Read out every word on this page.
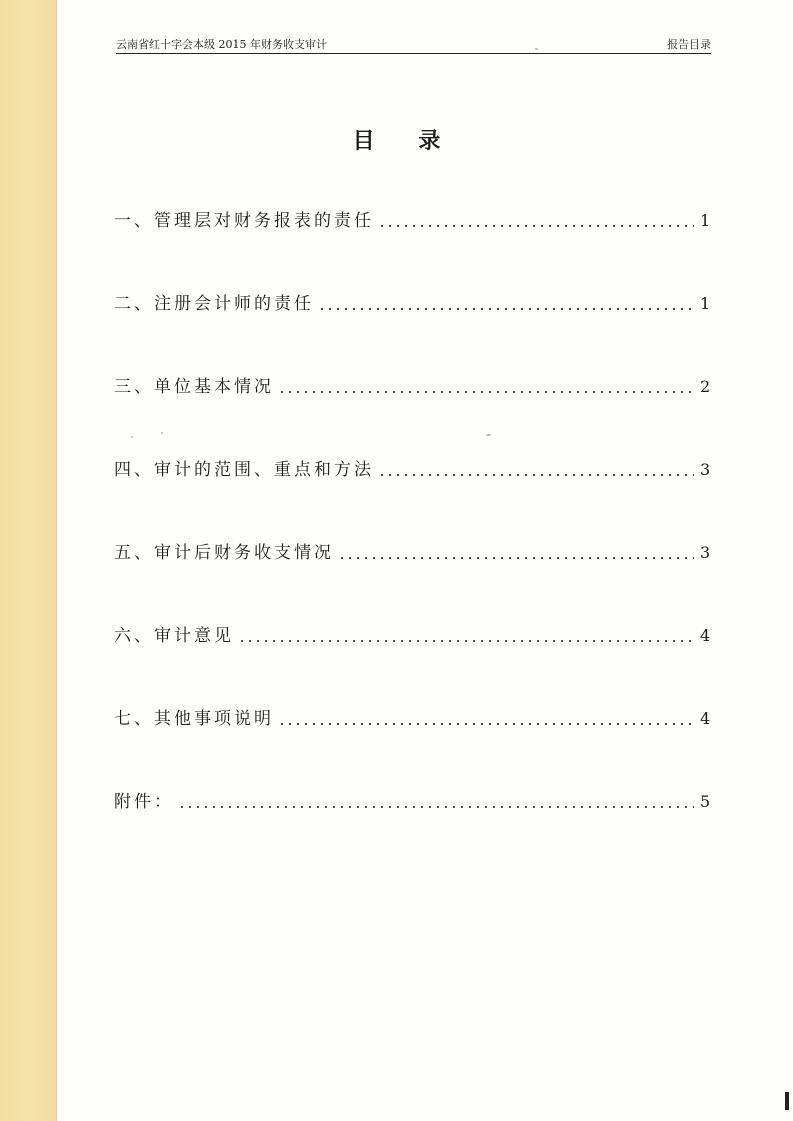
云南省红十字会本级 2015 年财务收支审计	报告目录
目 录
一、管理层对财务报表的责任	1
二、注册会计师的责任	1
三、单位基本情况	2
四、审计的范围、重点和方法	3
五、审计后财务收支情况	3
六、审计意见	4
七、其他事项说明	4
附件：	5
